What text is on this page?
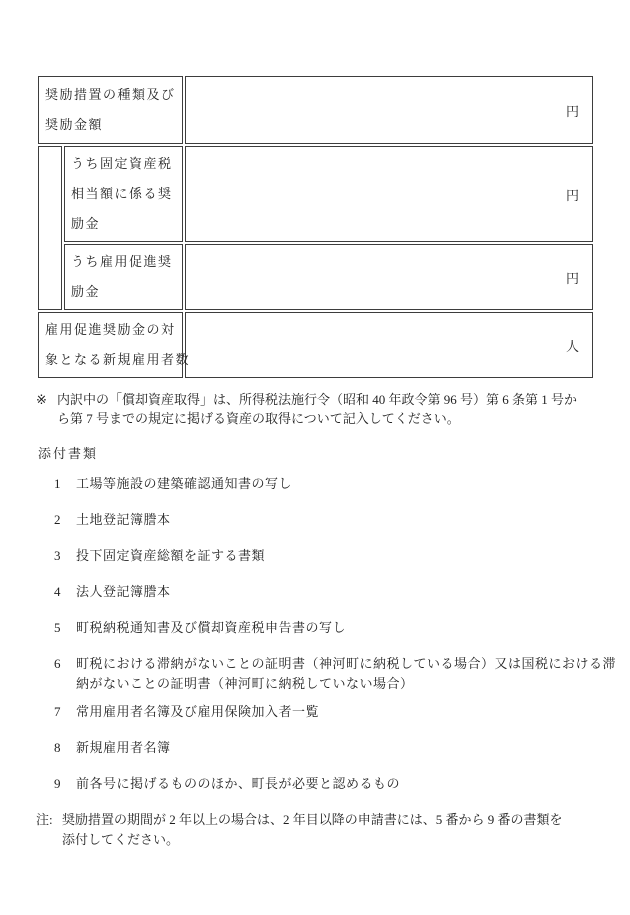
奨励措置の種類及び
奨励金額		円

	うち固定資産税
相当額に係る奨
励金	円

	うち雇用促進奨
励金	円

雇用促進奨励金の対
象となる新規雇用者数		人
※ 内訳中の「償却資産取得」は、所得税法施行令（昭和 40 年政令第 96 号）第 6 条第 1 号か
ら第 7 号までの規定に掲げる資産の取得について記入してください。
添付書類
1	工場等施設の建築確認通知書の写し
2	土地登記簿謄本
3	投下固定資産総額を証する書類
4	法人登記簿謄本
5	町税納税通知書及び償却資産税申告書の写し
6	町税における滞納がないことの証明書（神河町に納税している場合）又は国税における滞
納がないことの証明書（神河町に納税していない場合）
7	常用雇用者名簿及び雇用保険加入者一覧
8	新規雇用者名簿
9	前各号に掲げるもののほか、町長が必要と認めるもの
注: 奨励措置の期間が 2 年以上の場合は、2 年目以降の申請書には、5 番から 9 番の書類を
添付してください。
